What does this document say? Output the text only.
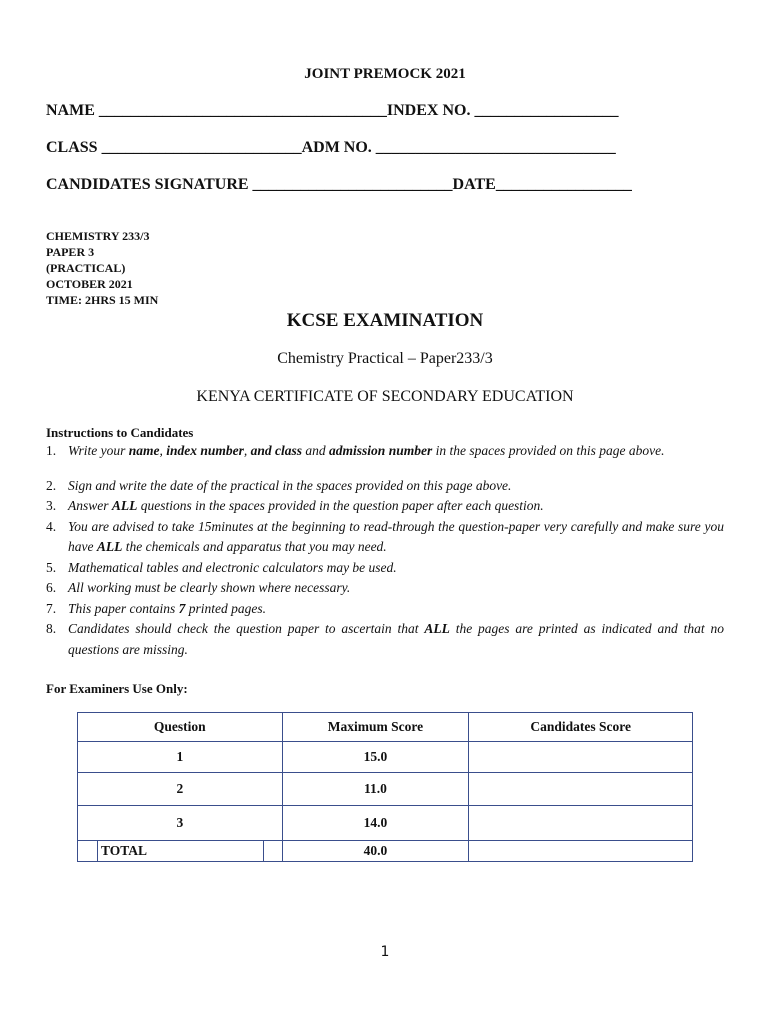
JOINT PREMOCK 2021
NAME ____________________________________INDEX NO. __________________
CLASS _________________________ADM NO. ______________________________
CANDIDATES SIGNATURE _________________________DATE_________________
CHEMISTRY 233/3
PAPER 3
(PRACTICAL)
OCTOBER 2021
TIME: 2HRS 15 MIN
KCSE EXAMINATION
Chemistry Practical – Paper233/3
KENYA CERTIFICATE OF SECONDARY EDUCATION
Instructions to Candidates
1. Write your name, index number, and class and admission number in the spaces provided on this page above.
2. Sign and write the date of the practical in the spaces provided on this page above.
3. Answer ALL questions in the spaces provided in the question paper after each question.
4. You are advised to take 15minutes at the beginning to read-through the question-paper very carefully and make sure you have ALL the chemicals and apparatus that you may need.
5. Mathematical tables and electronic calculators may be used.
6. All working must be clearly shown where necessary.
7. This paper contains 7 printed pages.
8. Candidates should check the question paper to ascertain that ALL the pages are printed as indicated and that no questions are missing.
For Examiners Use Only:
Question			Maximum Score	Candidates Score
1			15.0	
2			11.0	
3			14.0	
	TOTAL		40.0	
1
